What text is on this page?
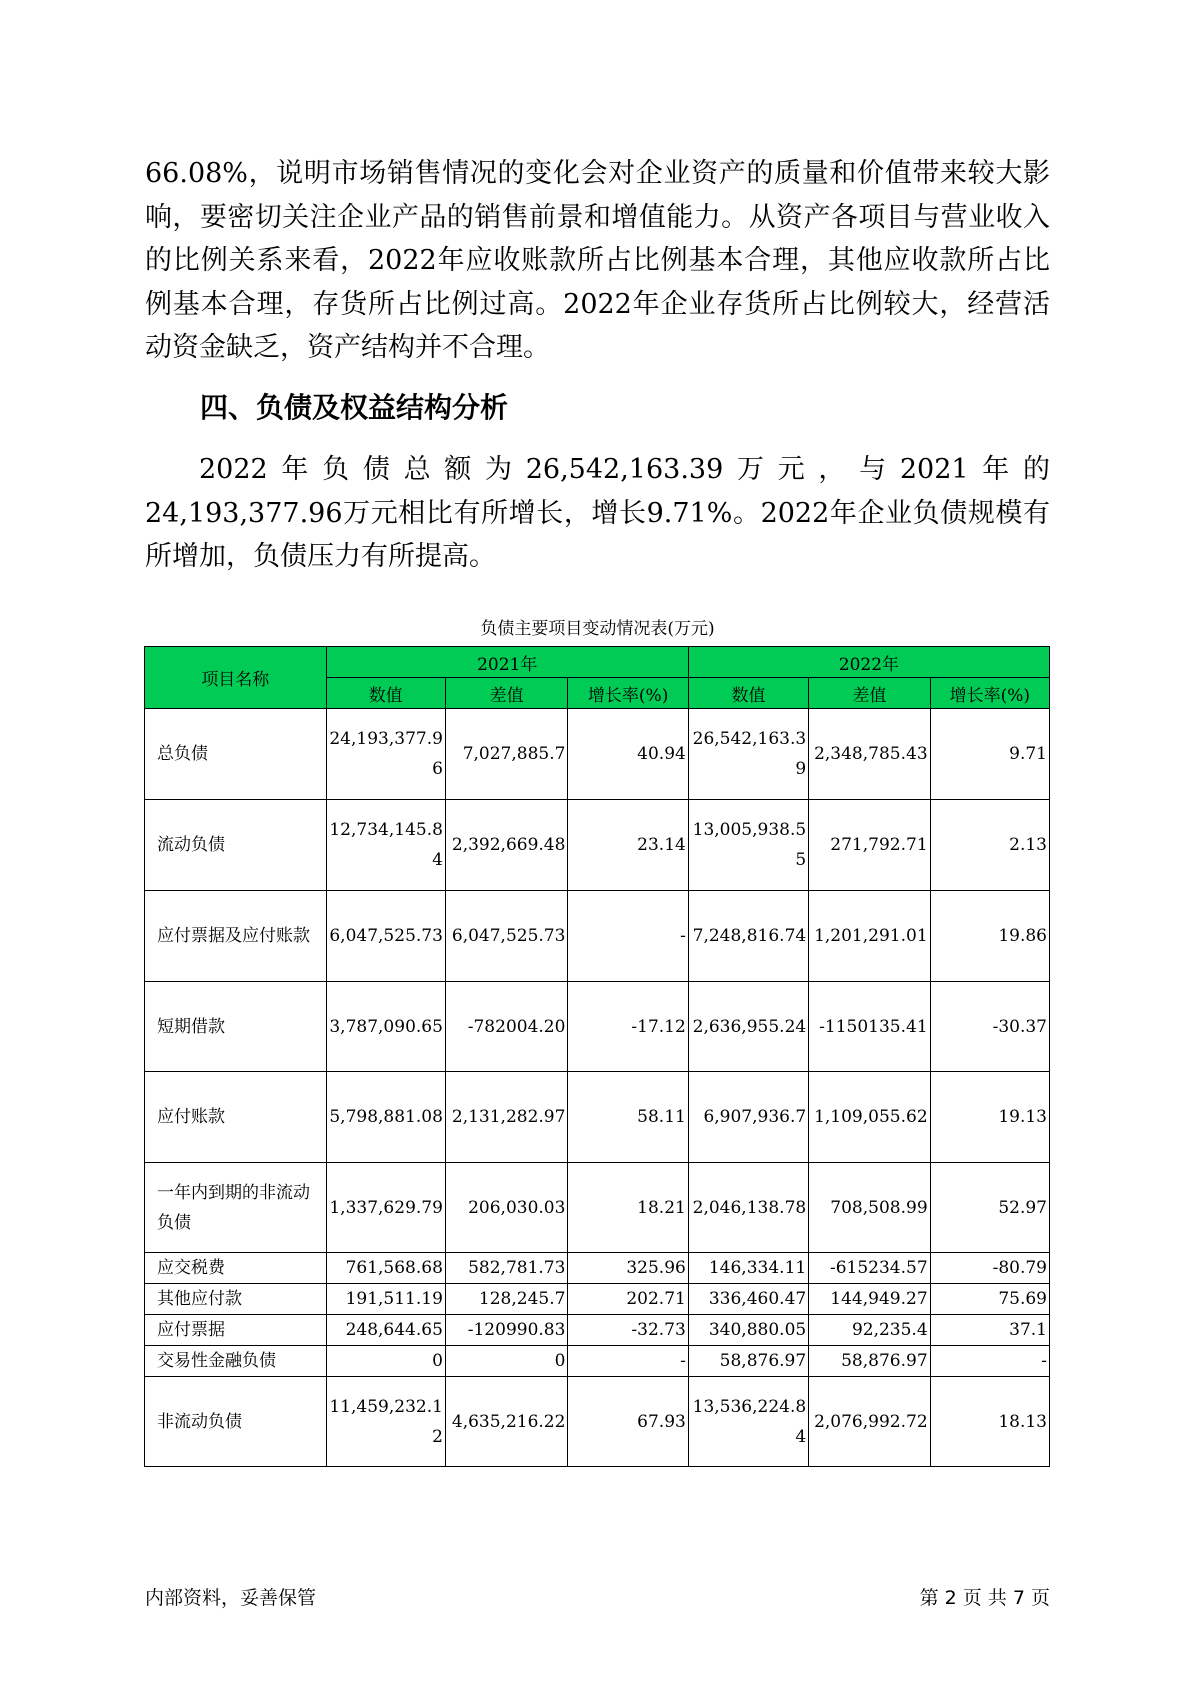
66.08%，说明市场销售情况的变化会对企业资产的质量和价值带来较大影响，要密切关注企业产品的销售前景和增值能力。从资产各项目与营业收入的比例关系来看，2022年应收账款所占比例基本合理，其他应收款所占比例基本合理，存货所占比例过高。2022年企业存货所占比例较大，经营活动资金缺乏，资产结构并不合理。

四、负债及权益结构分析

2022年负债总额为26,542,163.39万元，与2021年的24,193,377.96万元相比有所增长，增长9.71%。2022年企业负债规模有所增加，负债压力有所提高。

负债主要项目变动情况表(万元)
项目名称	2021年			2022年		
	数值	差值	增长率(%)	数值	差值	增长率(%)
总负债	24,193,377.96	7,027,885.7	40.94	26,542,163.39	2,348,785.43	9.71
流动负债	12,734,145.84	2,392,669.48	23.14	13,005,938.55	271,792.71	2.13
应付票据及应付账款	6,047,525.73	6,047,525.73	-	7,248,816.74	1,201,291.01	19.86
短期借款	3,787,090.65	-782004.20	-17.12	2,636,955.24	-1150135.41	-30.37
应付账款	5,798,881.08	2,131,282.97	58.11	6,907,936.7	1,109,055.62	19.13
一年内到期的非流动负债	1,337,629.79	206,030.03	18.21	2,046,138.78	708,508.99	52.97
应交税费	761,568.68	582,781.73	325.96	146,334.11	-615234.57	-80.79
其他应付款	191,511.19	128,245.7	202.71	336,460.47	144,949.27	75.69
应付票据	248,644.65	-120990.83	-32.73	340,880.05	92,235.4	37.1
交易性金融负债	0	0	-	58,876.97	58,876.97	-
非流动负债	11,459,232.12	4,635,216.22	67.93	13,536,224.84	2,076,992.72	18.13
内部资料，妥善保管	第 2 页 共 7 页
